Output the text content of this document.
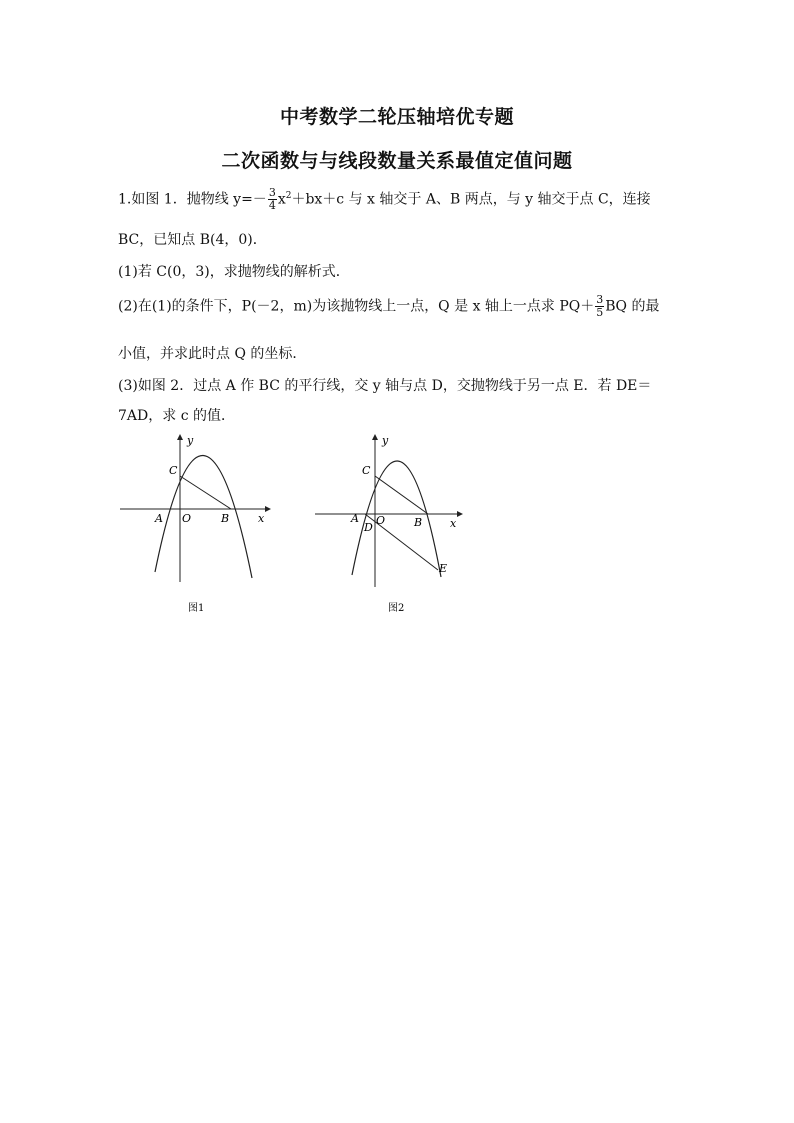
中考数学二轮压轴培优专题
二次函数与与线段数量关系最值定值问题
1.如图 1．抛物线 $y=- \frac{3}{4} x^2+bx+c$ 与 x 轴交于 A、B 两点，与 y 轴交于点 C，连接
BC，已知点 B(4，0)．
(1)若 C(0，3)，求抛物线的解析式．
(2)在(1)的条件下，P(－2，m)为该抛物线上一点，Q 是 x 轴上一点求 $PQ+ \frac{3}{5}$ BQ 的最
小值，并求此时点 Q 的坐标．
(3)如图 2．过点 A 作 BC 的平行线，交 y 轴与点 D，交抛物线于另一点 E．若 DE＝
7AD，求 c 的值．
y
x
C
A O	B
图1
y
x
C
A O
D	B
E
图2
